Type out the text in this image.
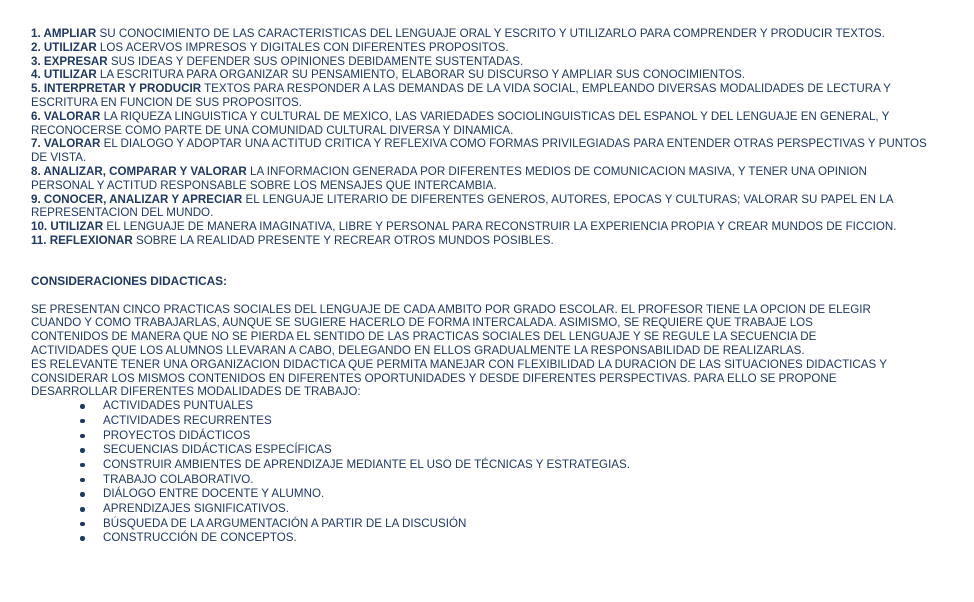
1. AMPLIAR SU CONOCIMIENTO DE LAS CARACTERISTICAS DEL LENGUAJE ORAL Y ESCRITO Y UTILIZARLO PARA COMPRENDER Y PRODUCIR TEXTOS.

2. UTILIZAR LOS ACERVOS IMPRESOS Y DIGITALES CON DIFERENTES PROPOSITOS.

3. EXPRESAR SUS IDEAS Y DEFENDER SUS OPINIONES DEBIDAMENTE SUSTENTADAS.

4. UTILIZAR LA ESCRITURA PARA ORGANIZAR SU PENSAMIENTO, ELABORAR SU DISCURSO Y AMPLIAR SUS CONOCIMIENTOS.

5. INTERPRETAR Y PRODUCIR TEXTOS PARA RESPONDER A LAS DEMANDAS DE LA VIDA SOCIAL, EMPLEANDO DIVERSAS MODALIDADES DE LECTURA Y ESCRITURA EN FUNCION DE SUS PROPOSITOS.

6. VALORAR LA RIQUEZA LINGUISTICA Y CULTURAL DE MEXICO, LAS VARIEDADES SOCIOLINGUISTICAS DEL ESPANOL Y DEL LENGUAJE EN GENERAL, Y RECONOCERSE COMO PARTE DE UNA COMUNIDAD CULTURAL DIVERSA Y DINAMICA.

7. VALORAR EL DIALOGO Y ADOPTAR UNA ACTITUD CRITICA Y REFLEXIVA COMO FORMAS PRIVILEGIADAS PARA ENTENDER OTRAS PERSPECTIVAS Y PUNTOS DE VISTA.

8. ANALIZAR, COMPARAR Y VALORAR LA INFORMACION GENERADA POR DIFERENTES MEDIOS DE COMUNICACION MASIVA, Y TENER UNA OPINION PERSONAL Y ACTITUD RESPONSABLE SOBRE LOS MENSAJES QUE INTERCAMBIA.

9. CONOCER, ANALIZAR Y APRECIAR EL LENGUAJE LITERARIO DE DIFERENTES GENEROS, AUTORES, EPOCAS Y CULTURAS; VALORAR SU PAPEL EN LA REPRESENTACION DEL MUNDO.

10. UTILIZAR EL LENGUAJE DE MANERA IMAGINATIVA, LIBRE Y PERSONAL PARA RECONSTRUIR LA EXPERIENCIA PROPIA Y CREAR MUNDOS DE FICCION.

11. REFLEXIONAR SOBRE LA REALIDAD PRESENTE Y RECREAR OTROS MUNDOS POSIBLES.

CONSIDERACIONES DIDACTICAS:

SE PRESENTAN CINCO PRACTICAS SOCIALES DEL LENGUAJE DE CADA AMBITO POR GRADO ESCOLAR. EL PROFESOR TIENE LA OPCION DE ELEGIR CUANDO Y COMO TRABAJARLAS, AUNQUE SE SUGIERE HACERLO DE FORMA INTERCALADA. ASIMISMO, SE REQUIERE QUE TRABAJE LOS CONTENIDOS DE MANERA QUE NO SE PIERDA EL SENTIDO DE LAS PRACTICAS SOCIALES DEL LENGUAJE Y SE REGULE LA SECUENCIA DE ACTIVIDADES QUE LOS ALUMNOS LLEVARAN A CABO, DELEGANDO EN ELLOS GRADUALMENTE LA RESPONSABILIDAD DE REALIZARLAS.

ES RELEVANTE TENER UNA ORGANIZACION DIDACTICA QUE PERMITA MANEJAR CON FLEXIBILIDAD LA DURACION DE LAS SITUACIONES DIDACTICAS Y CONSIDERAR LOS MISMOS CONTENIDOS EN DIFERENTES OPORTUNIDADES Y DESDE DIFERENTES PERSPECTIVAS. PARA ELLO SE PROPONE DESARROLLAR DIFERENTES MODALIDADES DE TRABAJO:

ACTIVIDADES PUNTUALES
ACTIVIDADES RECURRENTES
PROYECTOS DIDÁCTICOS
SECUENCIAS DIDÁCTICAS ESPECÍFICAS
CONSTRUIR AMBIENTES DE APRENDIZAJE MEDIANTE EL USO DE TÉCNICAS Y ESTRATEGIAS.
TRABAJO COLABORATIVO.
DIÁLOGO ENTRE DOCENTE Y ALUMNO.
APRENDIZAJES SIGNIFICATIVOS.
BÚSQUEDA DE LA ARGUMENTACIÓN A PARTIR DE LA DISCUSIÓN
CONSTRUCCIÓN DE CONCEPTOS.
